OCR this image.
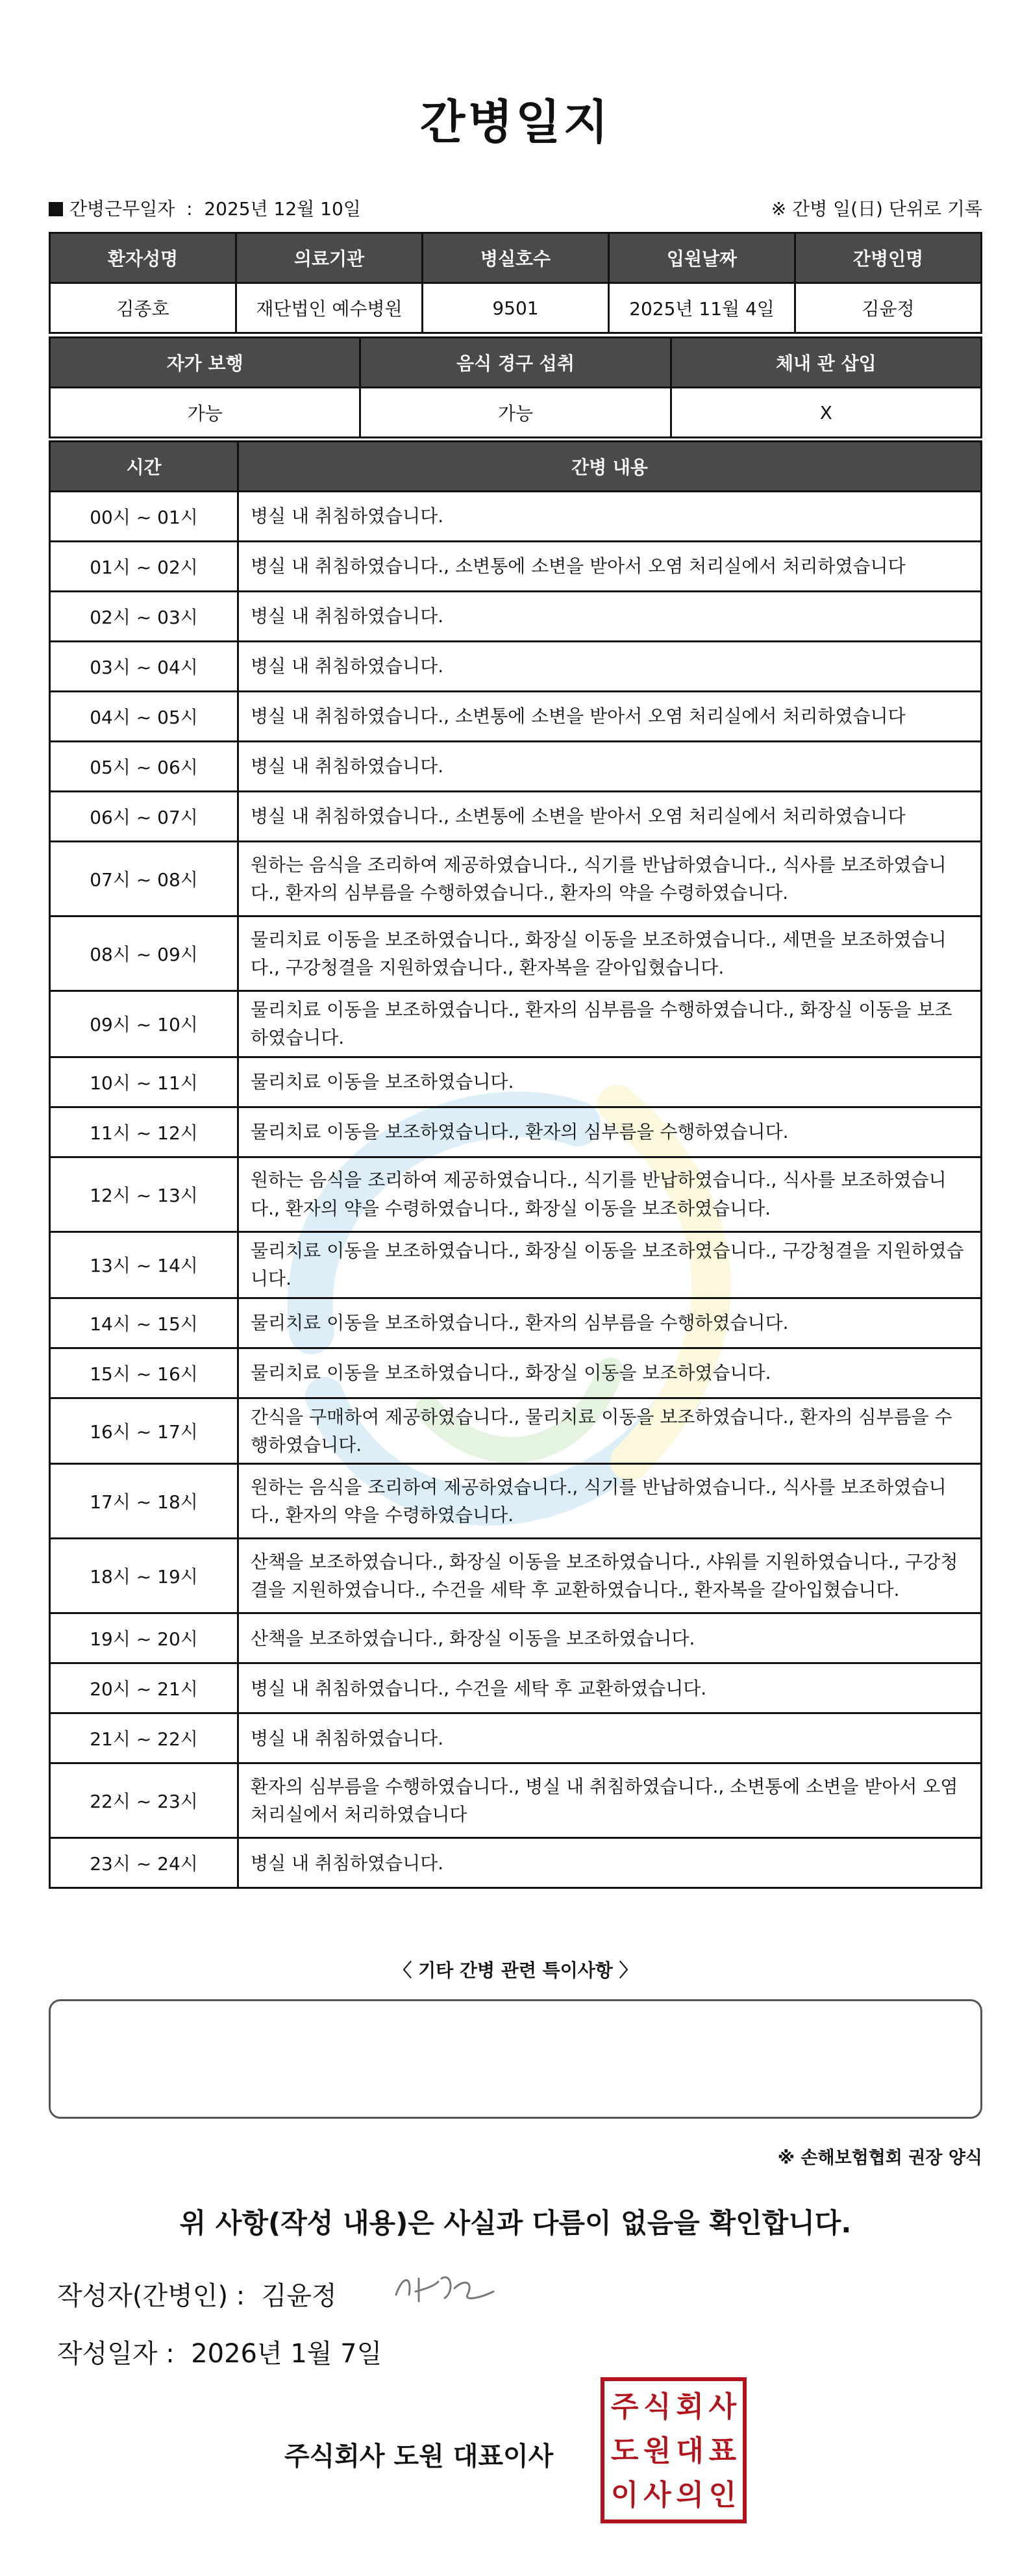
간병일지
간병근무일자  :  2025년 12월 10일	※ 간병 일(日) 단위로 기록
환자성명	의료기관	병실호수	입원날짜	간병인명
김종호	재단법인 예수병원	9501	2025년 11월 4일	김윤정
자가 보행	음식 경구 섭취	체내 관 삽입
가능	가능	X
시간	간병 내용
00시 ~ 01시	병실 내 취침하였습니다.
01시 ~ 02시	병실 내 취침하였습니다., 소변통에 소변을 받아서 오염 처리실에서 처리하였습니다
02시 ~ 03시	병실 내 취침하였습니다.
03시 ~ 04시	병실 내 취침하였습니다.
04시 ~ 05시	병실 내 취침하였습니다., 소변통에 소변을 받아서 오염 처리실에서 처리하였습니다
05시 ~ 06시	병실 내 취침하였습니다.
06시 ~ 07시	병실 내 취침하였습니다., 소변통에 소변을 받아서 오염 처리실에서 처리하였습니다
07시 ~ 08시	원하는 음식을 조리하여 제공하였습니다., 식기를 반납하였습니다., 식사를 보조하였습니다., 환자의 심부름을 수행하였습니다., 환자의 약을 수령하였습니다.
08시 ~ 09시	물리치료 이동을 보조하였습니다., 화장실 이동을 보조하였습니다., 세면을 보조하였습니다., 구강청결을 지원하였습니다., 환자복을 갈아입혔습니다.
09시 ~ 10시	물리치료 이동을 보조하였습니다., 환자의 심부름을 수행하였습니다., 화장실 이동을 보조하였습니다.
10시 ~ 11시	물리치료 이동을 보조하였습니다.
11시 ~ 12시	물리치료 이동을 보조하였습니다., 환자의 심부름을 수행하였습니다.
12시 ~ 13시	원하는 음식을 조리하여 제공하였습니다., 식기를 반납하였습니다., 식사를 보조하였습니다., 환자의 약을 수령하였습니다., 화장실 이동을 보조하였습니다.
13시 ~ 14시	물리치료 이동을 보조하였습니다., 화장실 이동을 보조하였습니다., 구강청결을 지원하였습니다.
14시 ~ 15시	물리치료 이동을 보조하였습니다., 환자의 심부름을 수행하였습니다.
15시 ~ 16시	물리치료 이동을 보조하였습니다., 화장실 이동을 보조하였습니다.
16시 ~ 17시	간식을 구매하여 제공하였습니다., 물리치료 이동을 보조하였습니다., 환자의 심부름을 수행하였습니다.
17시 ~ 18시	원하는 음식을 조리하여 제공하였습니다., 식기를 반납하였습니다., 식사를 보조하였습니다., 환자의 약을 수령하였습니다.
18시 ~ 19시	산책을 보조하였습니다., 화장실 이동을 보조하였습니다., 샤워를 지원하였습니다., 구강청결을 지원하였습니다., 수건을 세탁 후 교환하였습니다., 환자복을 갈아입혔습니다.
19시 ~ 20시	산책을 보조하였습니다., 화장실 이동을 보조하였습니다.
20시 ~ 21시	병실 내 취침하였습니다., 수건을 세탁 후 교환하였습니다.
21시 ~ 22시	병실 내 취침하였습니다.
22시 ~ 23시	환자의 심부름을 수행하였습니다., 병실 내 취침하였습니다., 소변통에 소변을 받아서 오염 처리실에서 처리하였습니다
23시 ~ 24시	병실 내 취침하였습니다.
〈 기타 간병 관련 특이사항 〉
※ 손해보험협회 권장 양식
위 사항(작성 내용)은 사실과 다름이 없음을 확인합니다.
작성자(간병인) : 김윤정
작성일자 : 2026년 1월 7일
주식회사 도원 대표이사
주 식 회 사
도 원 대 표
이 사 의 인
